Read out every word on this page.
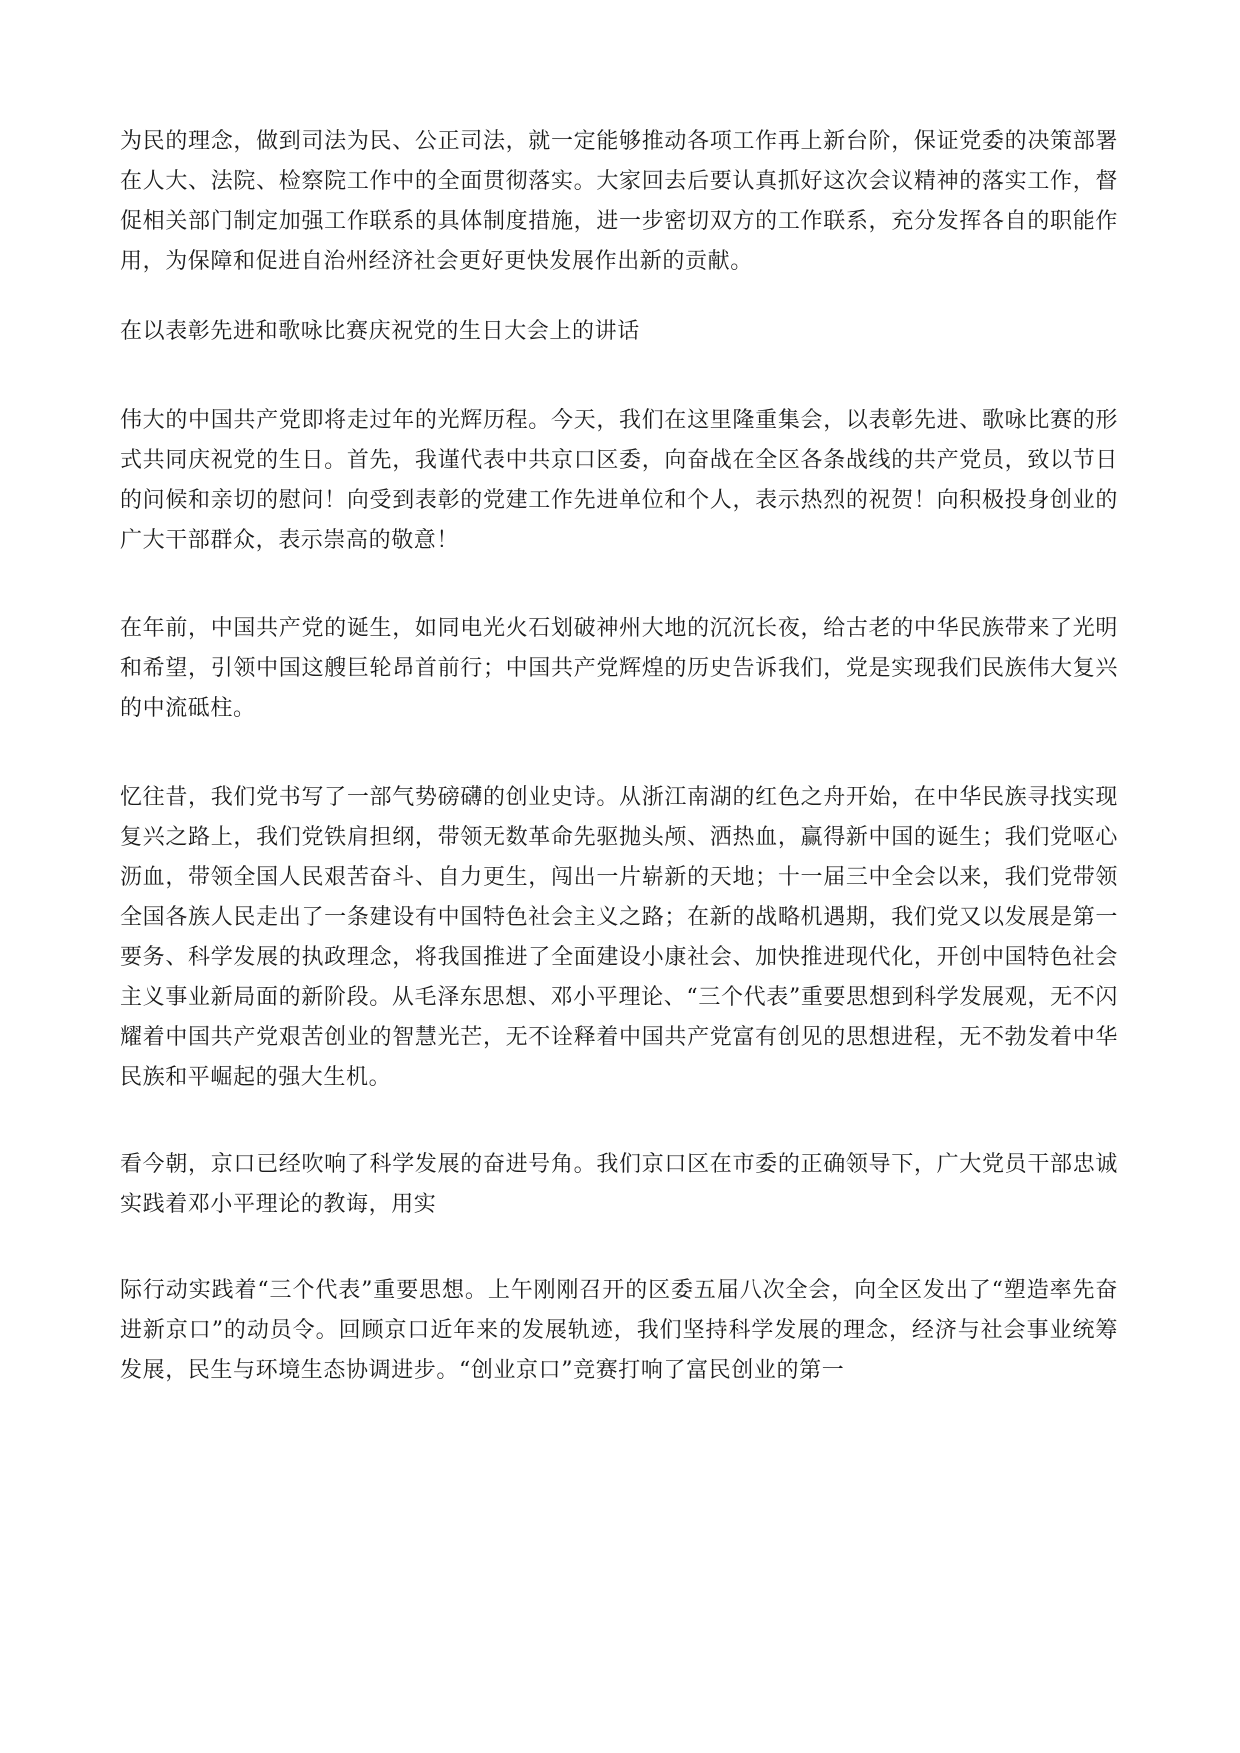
为民的理念，做到司法为民、公正司法，就一定能够推动各项工作再上新台阶，保证党委的决策部署在人大、法院、检察院工作中的全面贯彻落实。大家回去后要认真抓好这次会议精神的落实工作，督促相关部门制定加强工作联系的具体制度措施，进一步密切双方的工作联系，充分发挥各自的职能作用，为保障和促进自治州经济社会更好更快发展作出新的贡献。

在以表彰先进和歌咏比赛庆祝党的生日大会上的讲话

伟大的中国共产党即将走过年的光辉历程。今天，我们在这里隆重集会，以表彰先进、歌咏比赛的形式共同庆祝党的生日。首先，我谨代表中共京口区委，向奋战在全区各条战线的共产党员，致以节日的问候和亲切的慰问！向受到表彰的党建工作先进单位和个人，表示热烈的祝贺！向积极投身创业的广大干部群众，表示崇高的敬意！

在年前，中国共产党的诞生，如同电光火石划破神州大地的沉沉长夜，给古老的中华民族带来了光明和希望，引领中国这艘巨轮昂首前行；中国共产党辉煌的历史告诉我们，党是实现我们民族伟大复兴的中流砥柱。

忆往昔，我们党书写了一部气势磅礴的创业史诗。从浙江南湖的红色之舟开始，在中华民族寻找实现复兴之路上，我们党铁肩担纲，带领无数革命先驱抛头颅、洒热血，赢得新中国的诞生；我们党呕心沥血，带领全国人民艰苦奋斗、自力更生，闯出一片崭新的天地；十一届三中全会以来，我们党带领全国各族人民走出了一条建设有中国特色社会主义之路；在新的战略机遇期，我们党又以发展是第一要务、科学发展的执政理念，将我国推进了全面建设小康社会、加快推进现代化，开创中国特色社会主义事业新局面的新阶段。从毛泽东思想、邓小平理论、“三个代表”重要思想到科学发展观，无不闪耀着中国共产党艰苦创业的智慧光芒，无不诠释着中国共产党富有创见的思想进程，无不勃发着中华民族和平崛起的强大生机。

看今朝，京口已经吹响了科学发展的奋进号角。我们京口区在市委的正确领导下，广大党员干部忠诚实践着邓小平理论的教诲，用实

际行动实践着“三个代表”重要思想。上午刚刚召开的区委五届八次全会，向全区发出了“塑造率先奋进新京口”的动员令。回顾京口近年来的发展轨迹，我们坚持科学发展的理念，经济与社会事业统筹发展，民生与环境生态协调进步。“创业京口”竞赛打响了富民创业的第一
